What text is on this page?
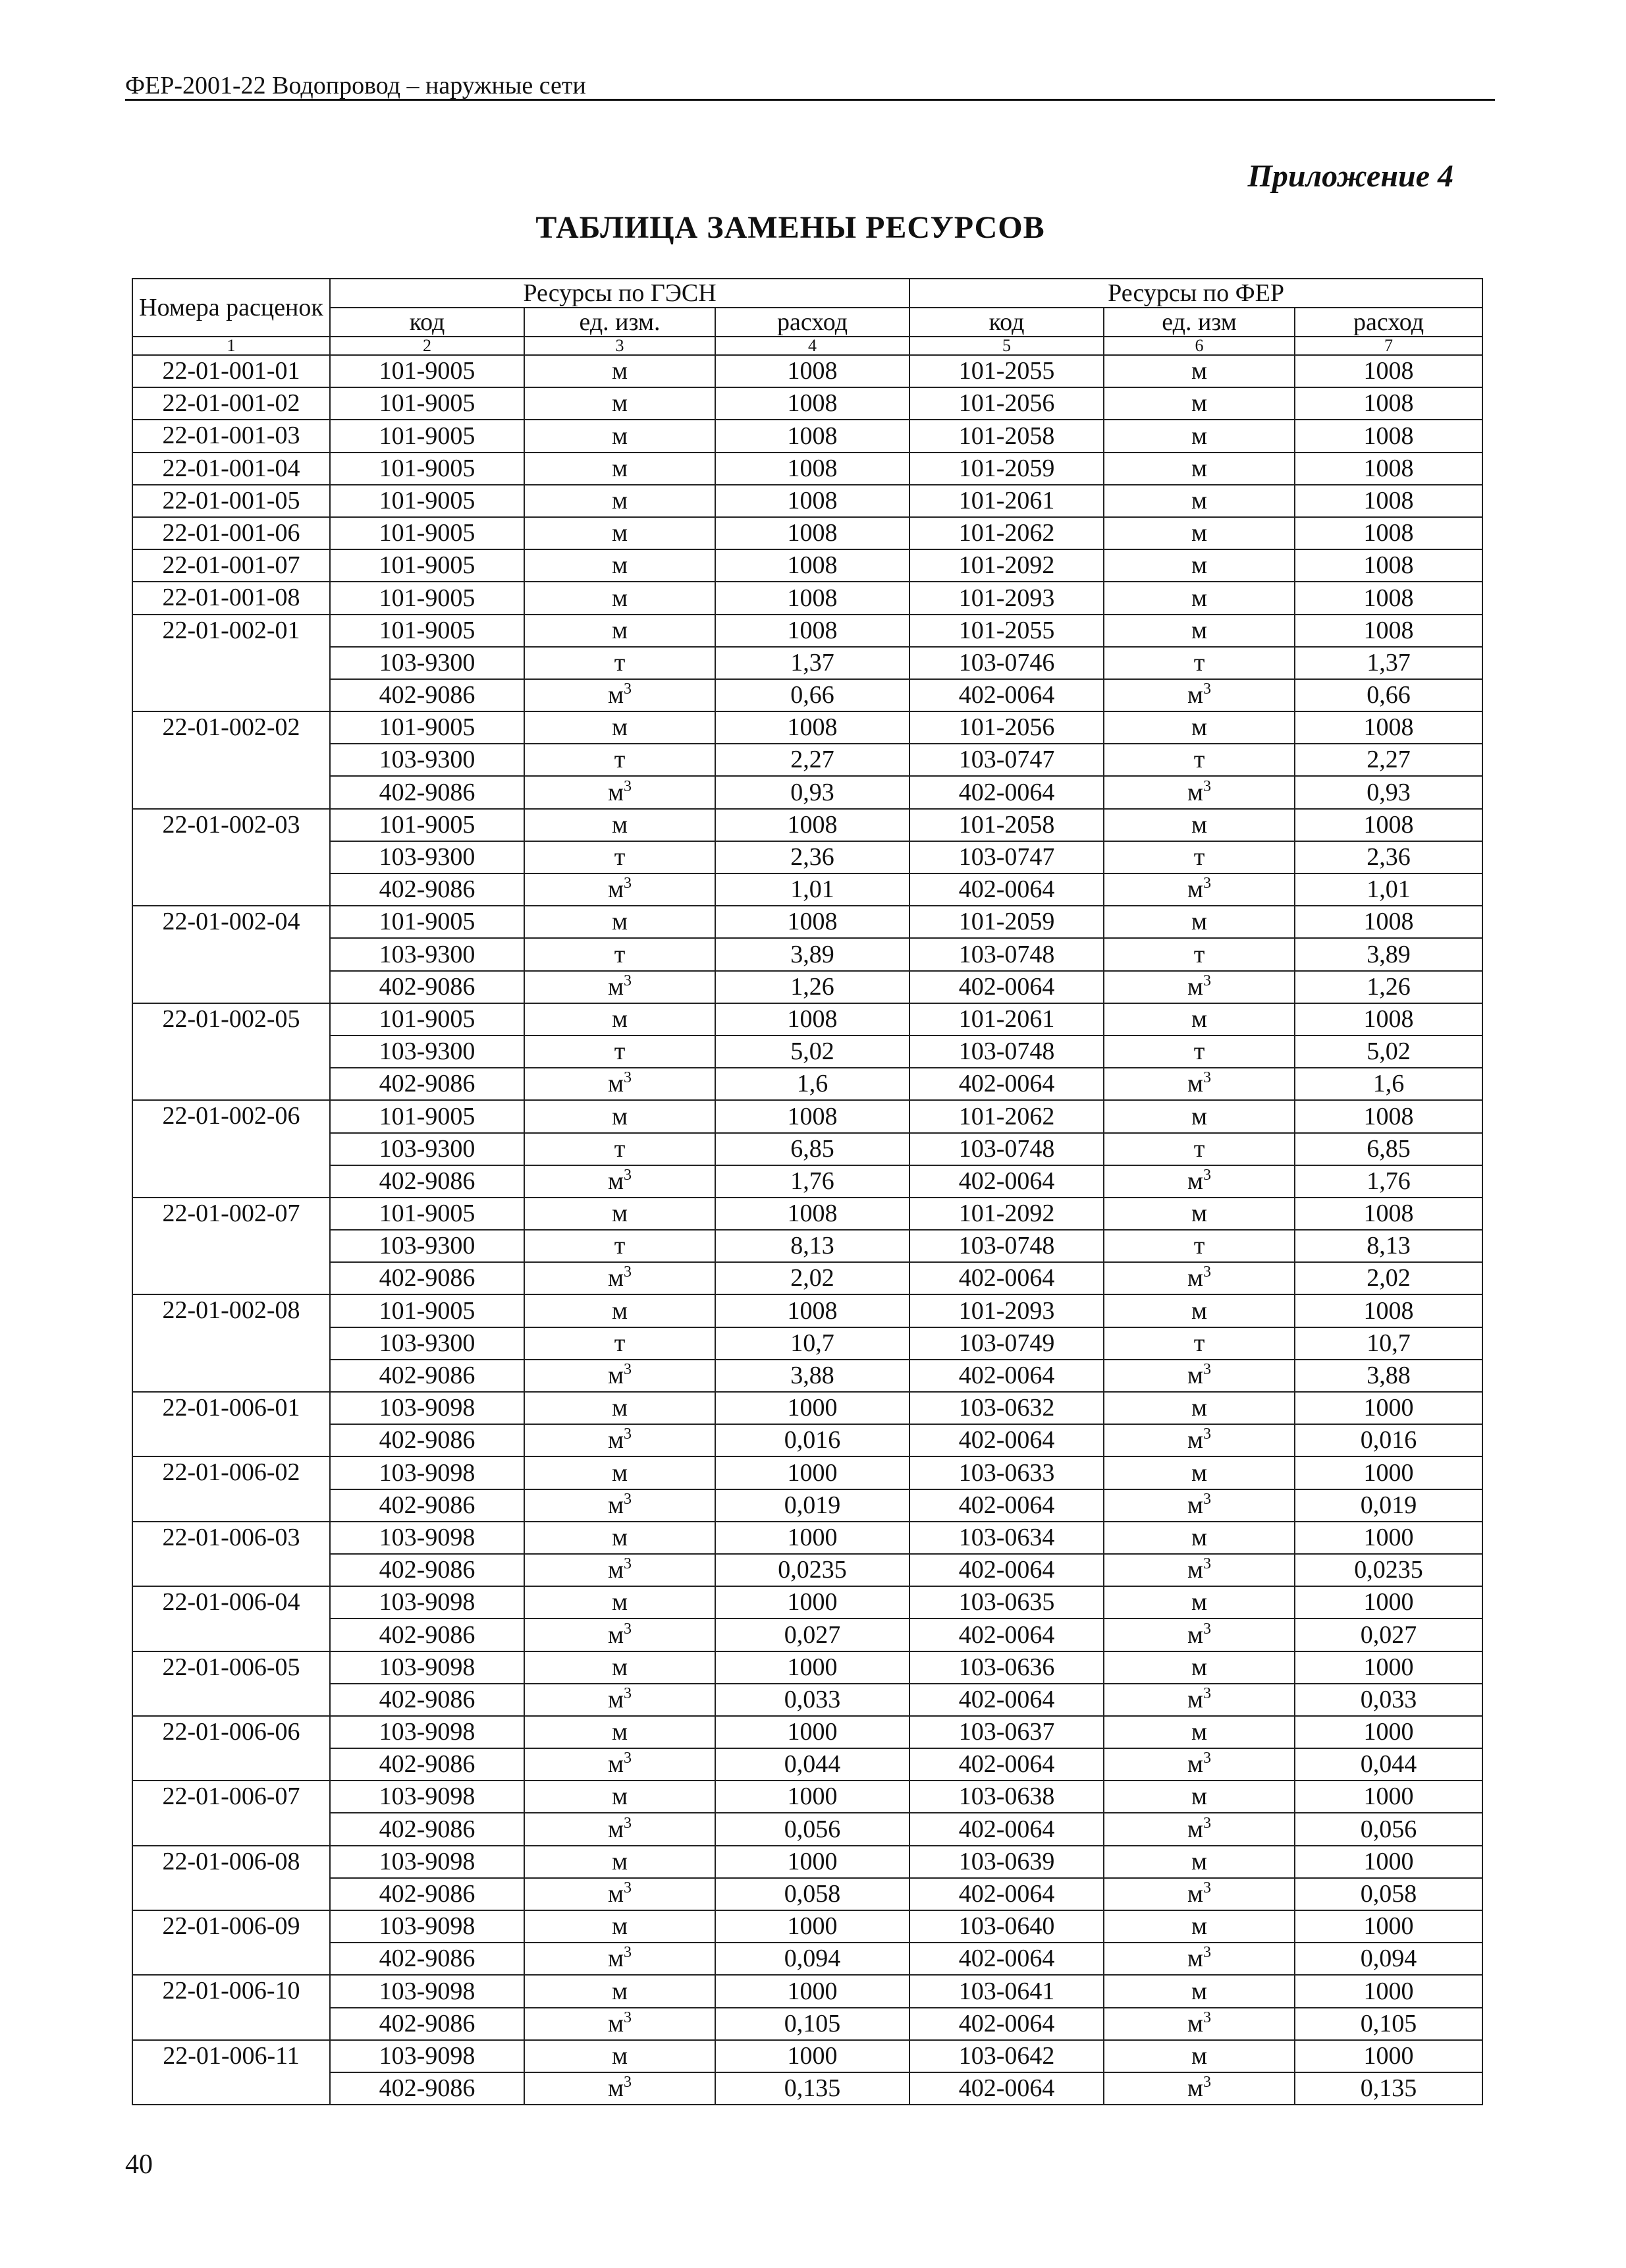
ФЕР-2001-22 Водопровод – наружные сети
Приложение 4
ТАБЛИЦА ЗАМЕНЫ РЕСУРСОВ
Номера расценок	Ресурсы по ГЭСН			Ресурсы по ФЕР		
	код	ед. изм.	расход	код	ед. изм	расход
1	2	3	4	5	6	7
22-01-001-01	101-9005	м	1008	101-2055	м	1008
22-01-001-02	101-9005	м	1008	101-2056	м	1008
22-01-001-03	101-9005	м	1008	101-2058	м	1008
22-01-001-04	101-9005	м	1008	101-2059	м	1008
22-01-001-05	101-9005	м	1008	101-2061	м	1008
22-01-001-06	101-9005	м	1008	101-2062	м	1008
22-01-001-07	101-9005	м	1008	101-2092	м	1008
22-01-001-08	101-9005	м	1008	101-2093	м	1008
22-01-002-01	101-9005	м	1008	101-2055	м	1008
	103-9300	т	1,37	103-0746	т	1,37
	402-9086	$м^3$	0,66	402-0064	$м^3$	0,66
22-01-002-02	101-9005	м	1008	101-2056	м	1008
	103-9300	т	2,27	103-0747	т	2,27
	402-9086	$м^3$	0,93	402-0064	$м^3$	0,93
22-01-002-03	101-9005	м	1008	101-2058	м	1008
	103-9300	т	2,36	103-0747	т	2,36
	402-9086	$м^3$	1,01	402-0064	$м^3$	1,01
22-01-002-04	101-9005	м	1008	101-2059	м	1008
	103-9300	т	3,89	103-0748	т	3,89
	402-9086	$м^3$	1,26	402-0064	$м^3$	1,26
22-01-002-05	101-9005	м	1008	101-2061	м	1008
	103-9300	т	5,02	103-0748	т	5,02
	402-9086	$м^3$	1,6	402-0064	$м^3$	1,6
22-01-002-06	101-9005	м	1008	101-2062	м	1008
	103-9300	т	6,85	103-0748	т	6,85
	402-9086	$м^3$	1,76	402-0064	$м^3$	1,76
22-01-002-07	101-9005	м	1008	101-2092	м	1008
	103-9300	т	8,13	103-0748	т	8,13
	402-9086	$м^3$	2,02	402-0064	$м^3$	2,02
22-01-002-08	101-9005	м	1008	101-2093	м	1008
	103-9300	т	10,7	103-0749	т	10,7
	402-9086	$м^3$	3,88	402-0064	$м^3$	3,88
22-01-006-01	103-9098	м	1000	103-0632	м	1000
	402-9086	$м^3$	0,016	402-0064	$м^3$	0,016
22-01-006-02	103-9098	м	1000	103-0633	м	1000
	402-9086	$м^3$	0,019	402-0064	$м^3$	0,019
22-01-006-03	103-9098	м	1000	103-0634	м	1000
	402-9086	$м^3$	0,0235	402-0064	$м^3$	0,0235
22-01-006-04	103-9098	м	1000	103-0635	м	1000
	402-9086	$м^3$	0,027	402-0064	$м^3$	0,027
22-01-006-05	103-9098	м	1000	103-0636	м	1000
	402-9086	$м^3$	0,033	402-0064	$м^3$	0,033
22-01-006-06	103-9098	м	1000	103-0637	м	1000
	402-9086	$м^3$	0,044	402-0064	$м^3$	0,044
22-01-006-07	103-9098	м	1000	103-0638	м	1000
	402-9086	$м^3$	0,056	402-0064	$м^3$	0,056
22-01-006-08	103-9098	м	1000	103-0639	м	1000
	402-9086	$м^3$	0,058	402-0064	$м^3$	0,058
22-01-006-09	103-9098	м	1000	103-0640	м	1000
	402-9086	$м^3$	0,094	402-0064	$м^3$	0,094
22-01-006-10	103-9098	м	1000	103-0641	м	1000
	402-9086	$м^3$	0,105	402-0064	$м^3$	0,105
22-01-006-11	103-9098	м	1000	103-0642	м	1000
	402-9086	$м^3$	0,135	402-0064	$м^3$	0,135
40
